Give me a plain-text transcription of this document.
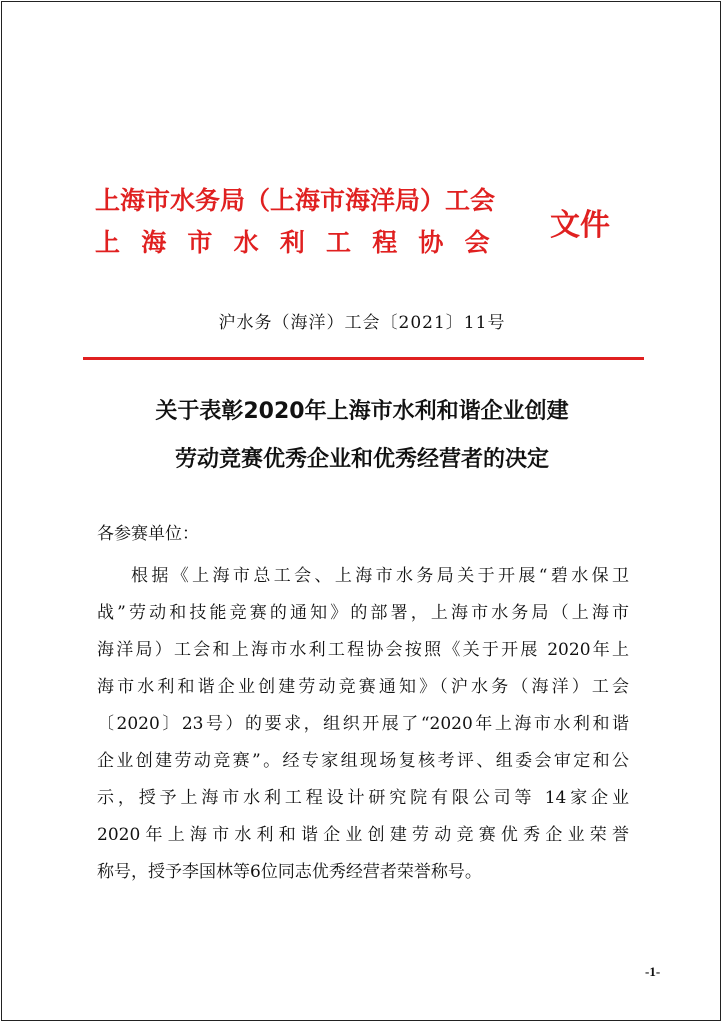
上海市水务局（上海市海洋局）工会
上海市水利工程协会 文件
沪水务（海洋）工会〔2021〕11号
关于表彰2020年上海市水利和谐企业创建
劳动竞赛优秀企业和优秀经营者的决定
各参赛单位：
根据《上海市总工会、上海市水务局关于开展“碧水保卫
战”劳动和技能竞赛的通知》的部署，上海市水务局（上海市
海洋局）工会和上海市水利工程协会按照《关于开展 2020年上
海市水利和谐企业创建劳动竞赛通知》（沪水务（海洋）工会
〔2020〕23号）的要求，组织开展了“2020年上海市水利和谐
企业创建劳动竞赛”。经专家组现场复核考评、组委会审定和公
示，授予上海市水利工程设计研究院有限公司等 14家企业
2020年上海市水利和谐企业创建劳动竞赛优秀企业荣誉
称号，授予李国林等6位同志优秀经营者荣誉称号。
-1-
